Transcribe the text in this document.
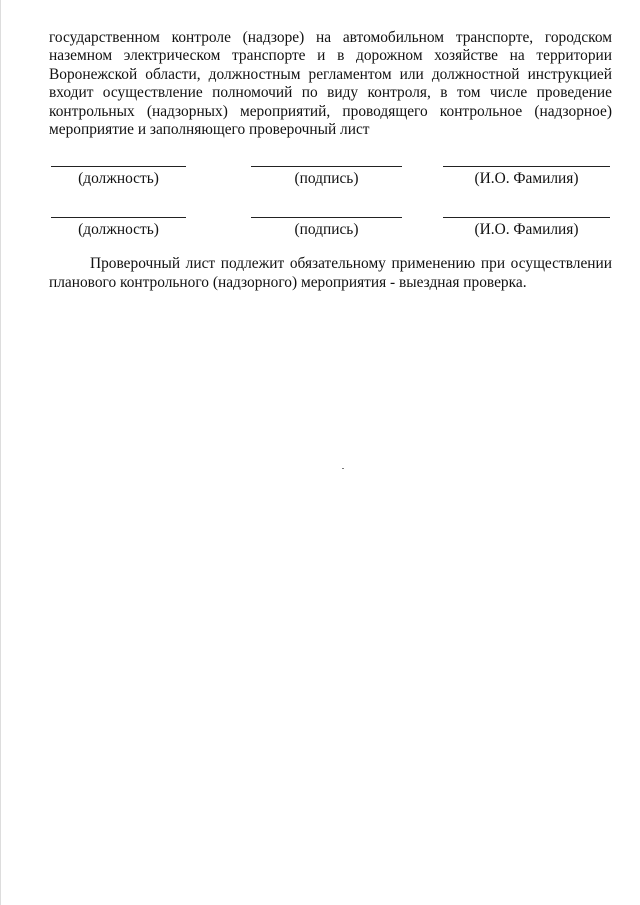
государственном контроле (надзоре) на автомобильном транспорте, городском наземном электрическом транспорте и в дорожном хозяйстве на территории Воронежской области, должностным регламентом или должностной инструкцией входит осуществление полномочий по виду контроля, в том числе проведение контрольных (надзорных) мероприятий, проводящего контрольное (надзорное) мероприятие и заполняющего проверочный лист

(должность)	(подпись)	(И.О. Фамилия)
(должность)	(подпись)	(И.О. Фамилия)

Проверочный лист подлежит обязательному применению при осуществлении планового контрольного (надзорного) мероприятия - выездная проверка.
